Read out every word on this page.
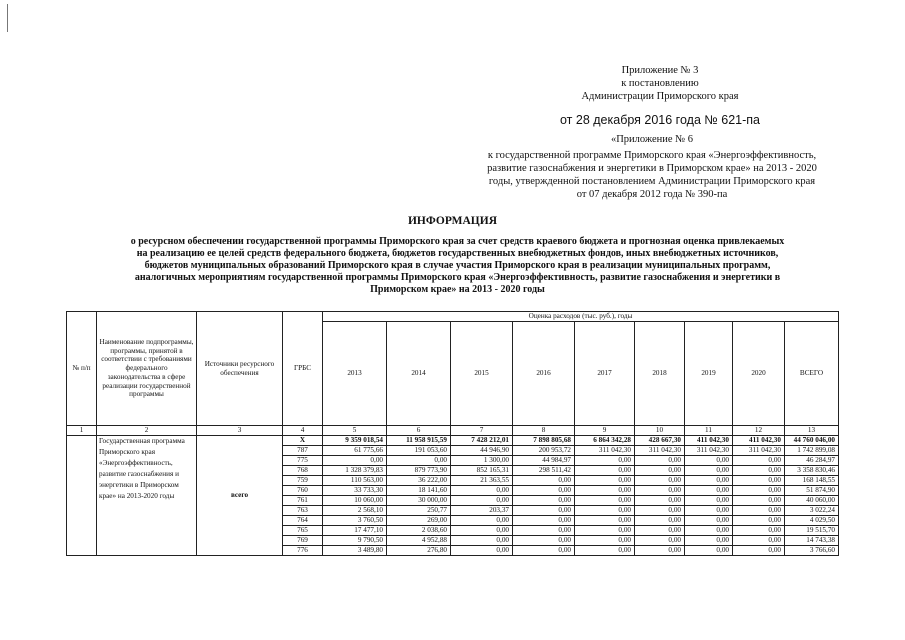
Приложение № 3
к постановлению
Администрации Приморского края
от 28 декабря 2016 года № 621-па
«Приложение № 6
к государственной программе Приморского края «Энергоэффективность,
развитие газоснабжения и энергетики в Приморском крае» на 2013 - 2020
годы, утвержденной постановлением Администрации Приморского края
от 07 декабря 2012 года № 390-па
ИНФОРМАЦИЯ
о ресурсном обеспечении государственной программы Приморского края за счет средств краевого бюджета и прогнозная оценка привлекаемых
на реализацию ее целей средств федерального бюджета, бюджетов государственных внебюджетных фондов, иных внебюджетных источников,
бюджетов муниципальных образований Приморского края в случае участия Приморского края в реализации муниципальных программ,
аналогичных мероприятиям государственной программы Приморского края «Энергоэффективность, развитие газоснабжения и энергетики в
Приморском крае» на 2013 - 2020 годы
№ п/п	Наименование подпрограммы, программы, принятой в соответствии с требованиями федерального законодательства в сфере реализации государственной программы	Источники ресурсного обеспечения	ГРБС	Оценка расходов (тыс. руб.), годы								
				2013	2014	2015	2016	2017	2018	2019	2020	ВСЕГО
1	2	3	4	5	6	7	8	9	10	11	12	13
	Государственная программа Приморского края «Энергоэффективность, развитие газоснабжения и энергетики в Приморском крае» на 2013-2020 годы	всего	Х	9 359 018,54	11 958 915,59	7 428 212,01	7 898 805,68	6 864 342,28	428 667,30	411 042,30	411 042,30	44 760 046,00
			787	61 775,66	191 053,60	44 946,90	200 953,72	311 042,30	311 042,30	311 042,30	311 042,30	1 742 899,08
			775	0,00	0,00	1 300,00	44 984,97	0,00	0,00	0,00	0,00	46 284,97
			768	1 328 379,83	879 773,90	852 165,31	298 511,42	0,00	0,00	0,00	0,00	3 358 830,46
			759	110 563,00	36 222,00	21 363,55	0,00	0,00	0,00	0,00	0,00	168 148,55
			760	33 733,30	18 141,60	0,00	0,00	0,00	0,00	0,00	0,00	51 874,90
			761	10 060,00	30 000,00	0,00	0,00	0,00	0,00	0,00	0,00	40 060,00
			763	2 568,10	250,77	203,37	0,00	0,00	0,00	0,00	0,00	3 022,24
			764	3 760,50	269,00	0,00	0,00	0,00	0,00	0,00	0,00	4 029,50
			765	17 477,10	2 038,60	0,00	0,00	0,00	0,00	0,00	0,00	19 515,70
			769	9 790,50	4 952,88	0,00	0,00	0,00	0,00	0,00	0,00	14 743,38
			776	3 489,80	276,80	0,00	0,00	0,00	0,00	0,00	0,00	3 766,60
